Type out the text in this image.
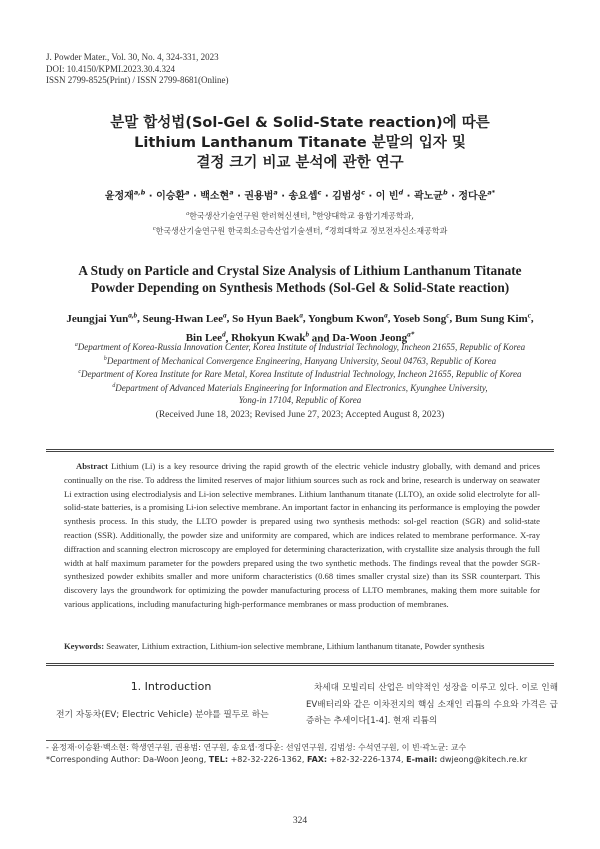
J. Powder Mater., Vol. 30, No. 4, 324-331, 2023
DOI: 10.4150/KPMI.2023.30.4.324
ISSN 2799-8525(Print) / ISSN 2799-8681(Online)
분말 합성법(Sol-Gel & Solid-State reaction)에 따른
Lithium Lanthanum Titanate 분말의 입자 및
결정 크기 비교 분석에 관한 연구
윤정재$^{a,b}$ · 이승환$^a$ · 백소현$^a$ · 권용범$^a$ · 송요셉$^c$ · 김범성$^c$ · 이 빈$^d$ · 곽노균$^b$ · 정다운$^{a*}$
$^a$한국생산기술연구원 한러혁신센터, $^b$한양대학교 융합기계공학과,
$^c$한국생산기술연구원 한국희소금속산업기술센터, $^d$경희대학교 정보전자신소재공학과
A Study on Particle and Crystal Size Analysis of Lithium Lanthanum Titanate
Powder Depending on Synthesis Methods (Sol-Gel & Solid-State reaction)
Jeungjai Yun$^{a,b}$, Seung-Hwan Lee$^a$, So Hyun Baek$^a$, Yongbum Kwon$^a$, Yoseb Song$^c$, Bum Sung Kim$^c$,
Bin Lee$^d$, Rhokyun Kwak$^b$ and Da-Woon Jeong$^{a*}$
$^a$Department of Korea-Russia Innovation Center, Korea Institute of Industrial Technology, Incheon 21655, Republic of Korea
$^b$Department of Mechanical Convergence Engineering, Hanyang University, Seoul 04763, Republic of Korea
$^c$Department of Korea Institute for Rare Metal, Korea Institute of Industrial Technology, Incheon 21655, Republic of Korea
$^d$Department of Advanced Materials Engineering for Information and Electronics, Kyunghee University,
Yong-in 17104, Republic of Korea
(Received June 18, 2023; Revised June 27, 2023; Accepted August 8, 2023)
Abstract Lithium (Li) is a key resource driving the rapid growth of the electric vehicle industry globally, with demand and prices continually on the rise. To address the limited reserves of major lithium sources such as rock and brine, research is underway on seawater Li extraction using electrodialysis and Li-ion selective membranes. Lithium lanthanum titanate (LLTO), an oxide solid electrolyte for all-solid-state batteries, is a promising Li-ion selective membrane. An important factor in enhancing its performance is employing the powder synthesis process. In this study, the LLTO powder is prepared using two synthesis methods: sol-gel reaction (SGR) and solid-state reaction (SSR). Additionally, the powder size and uniformity are compared, which are indices related to membrane performance. X-ray diffraction and scanning electron microscopy are employed for determining characterization, with crystallite size analysis through the full width at half maximum parameter for the powders prepared using the two synthetic methods. The findings reveal that the powder SGR-synthesized powder exhibits smaller and more uniform characteristics (0.68 times smaller crystal size) than its SSR counterpart. This discovery lays the groundwork for optimizing the powder manufacturing process of LLTO membranes, making them more suitable for various applications, including manufacturing high-performance membranes or mass production of membranes.
Keywords: Seawater, Lithium extraction, Lithium-ion selective membrane, Lithium lanthanum titanate, Powder synthesis
1. Introduction
전기 자동차(EV; Electric Vehicle) 분야를 필두로 하는
차세대 모빌리티 산업은 비약적인 성장을 이루고 있다. 이로 인해 EV배터리와 같은 이차전지의 핵심 소재인 리튬의 수요와 가격은 급증하는 추세이다[1-4]. 현재 리튬의
- 윤정재·이승환·백소현: 학생연구원, 권용범: 연구원, 송요셉·정다운: 선임연구원, 김범성: 수석연구원, 이 빈·곽노균: 교수
*Corresponding Author: Da-Woon Jeong, TEL: +82-32-226-1362, FAX: +82-32-226-1374, E-mail: dwjeong@kitech.re.kr
324
